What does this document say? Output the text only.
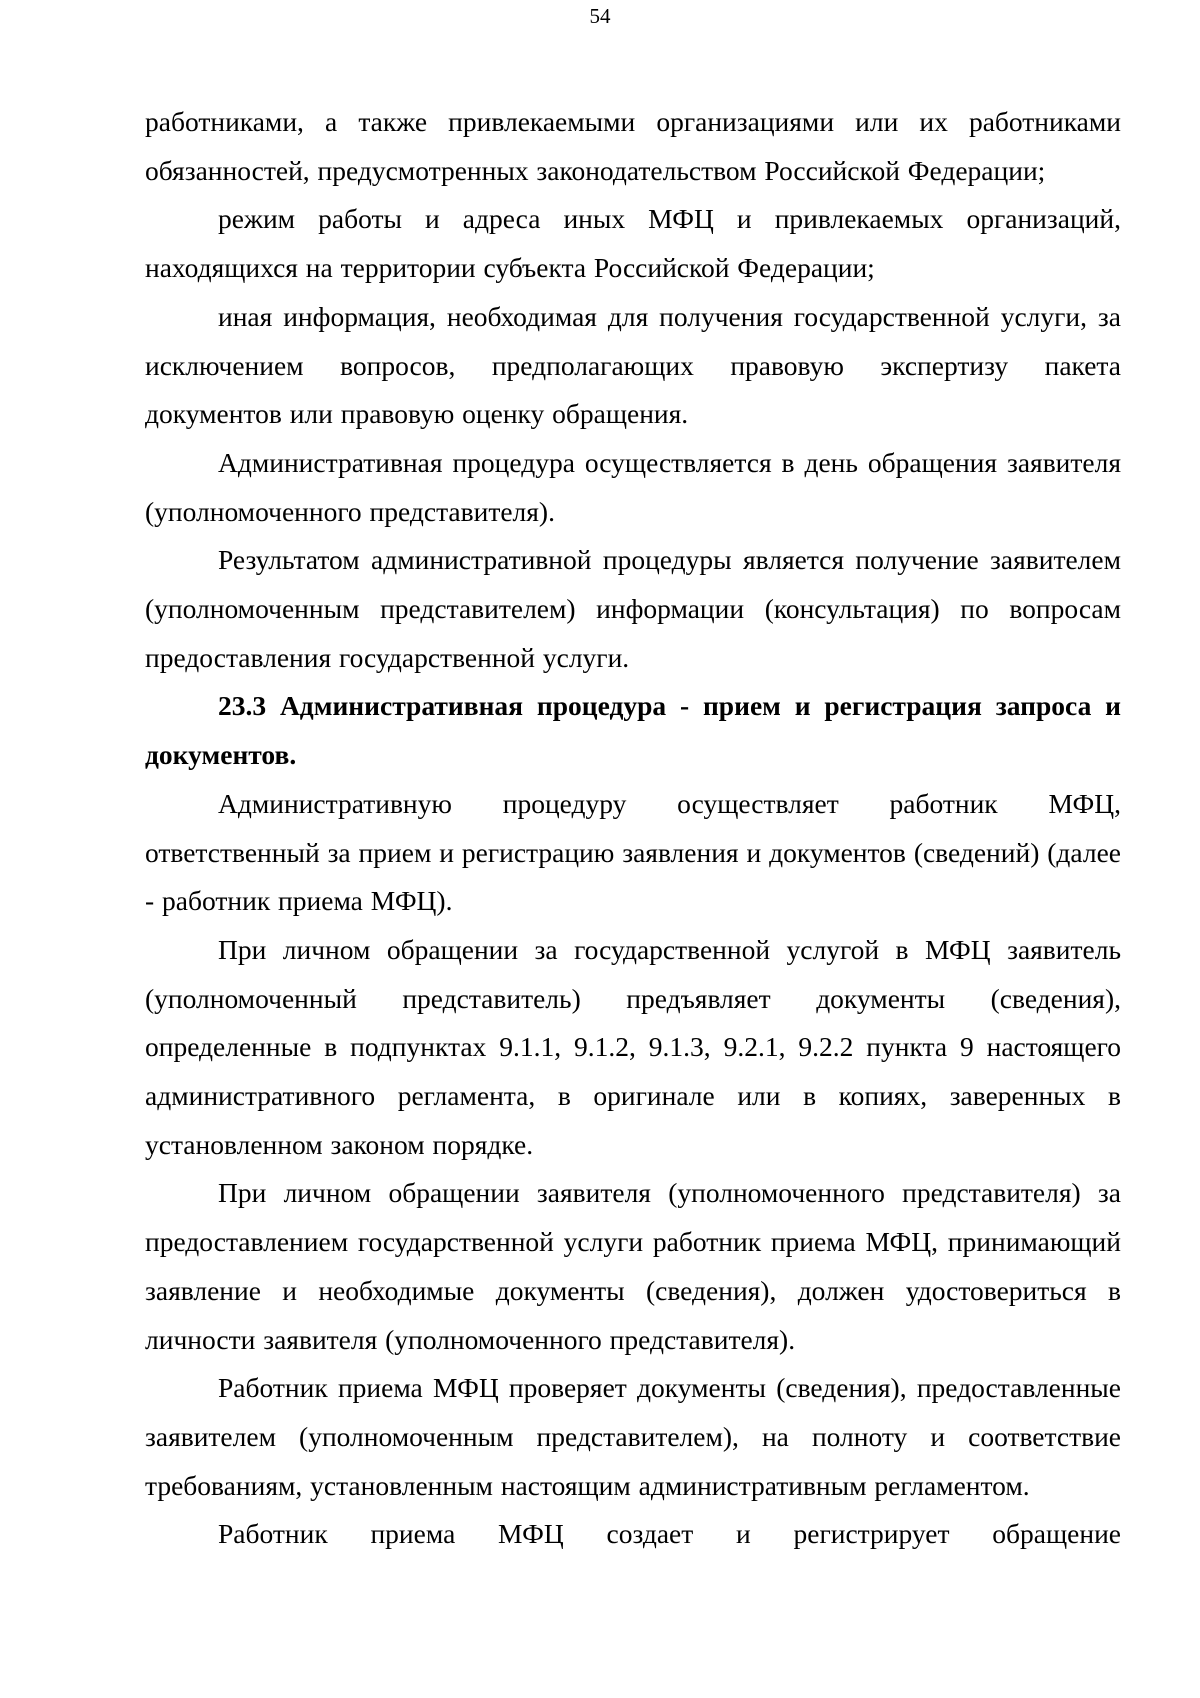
54

работниками, а также привлекаемыми организациями или их работниками обязанностей, предусмотренных законодательством Российской Федерации;

режим работы и адреса иных МФЦ и привлекаемых организаций, находящихся на территории субъекта Российской Федерации;

иная информация, необходимая для получения государственной услуги, за исключением вопросов, предполагающих правовую экспертизу пакета документов или правовую оценку обращения.

Административная процедура осуществляется в день обращения заявителя (уполномоченного представителя).

Результатом административной процедуры является получение заявителем (уполномоченным представителем) информации (консультация) по вопросам предоставления государственной услуги.

23.3 Административная процедура - прием и регистрация запроса и документов.

Административную процедуру осуществляет работник МФЦ, ответственный за прием и регистрацию заявления и документов (сведений) (далее - работник приема МФЦ).

При личном обращении за государственной услугой в МФЦ заявитель (уполномоченный представитель) предъявляет документы (сведения), определенные в подпунктах 9.1.1, 9.1.2, 9.1.3, 9.2.1, 9.2.2 пункта 9 настоящего административного регламента, в оригинале или в копиях, заверенных в установленном законом порядке.

При личном обращении заявителя (уполномоченного представителя) за предоставлением государственной услуги работник приема МФЦ, принимающий заявление и необходимые документы (сведения), должен удостовериться в личности заявителя (уполномоченного представителя).

Работник приема МФЦ проверяет документы (сведения), предоставленные заявителем (уполномоченным представителем), на полноту и соответствие требованиям, установленным настоящим административным регламентом.

Работник приема МФЦ создает и регистрирует обращение
